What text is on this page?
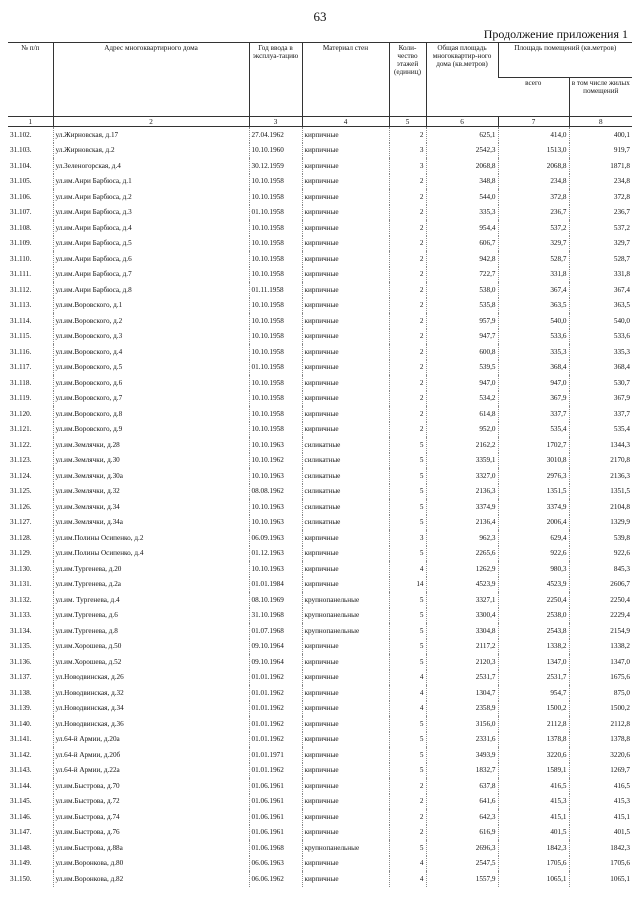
63
Продолжение приложения 1
№ п/п	Адрес многоквартирного дома	Год ввода в эксплуа-тацию	Материал стен	Коли-чество этажей (единиц)	Общая площадь многоквартир-ного дома (кв.метров)	Площадь помещений (кв.метров)	
						всего	в том числе жилых помещений
1	2	3	4	5	6	7	8
31.102.	ул.Жирновская, д.17	27.04.1962	кирпичные	2	625,1	414,0	400,1
31.103.	ул.Жирновская, д.2	10.10.1960	кирпичные	3	2542,3	1513,0	919,7
31.104.	ул.Зеленогорская, д.4	30.12.1959	кирпичные	3	2068,8	2068,8	1871,8
31.105.	ул.им.Анри Барбюса, д.1	10.10.1958	кирпичные	2	348,8	234,8	234,8
31.106.	ул.им.Анри Барбюса, д.2	10.10.1958	кирпичные	2	544,0	372,8	372,8
31.107.	ул.им.Анри Барбюса, д.3	01.10.1958	кирпичные	2	335,3	236,7	236,7
31.108.	ул.им.Анри Барбюса, д.4	10.10.1958	кирпичные	2	954,4	537,2	537,2
31.109.	ул.им.Анри Барбюса, д.5	10.10.1958	кирпичные	2	606,7	329,7	329,7
31.110.	ул.им.Анри Барбюса, д.6	10.10.1958	кирпичные	2	942,8	528,7	528,7
31.111.	ул.им.Анри Барбюса, д.7	10.10.1958	кирпичные	2	722,7	331,8	331,8
31.112.	ул.им.Анри Барбюса, д.8	01.11.1958	кирпичные	2	538,0	367,4	367,4
31.113.	ул.им.Воровского, д.1	10.10.1958	кирпичные	2	535,8	363,5	363,5
31.114.	ул.им.Воровского, д.2	10.10.1958	кирпичные	2	957,9	540,0	540,0
31.115.	ул.им.Воровского, д.3	10.10.1958	кирпичные	2	947,7	533,6	533,6
31.116.	ул.им.Воровского, д.4	10.10.1958	кирпичные	2	600,8	335,3	335,3
31.117.	ул.им.Воровского, д.5	01.10.1958	кирпичные	2	539,5	368,4	368,4
31.118.	ул.им.Воровского, д.6	10.10.1958	кирпичные	2	947,0	947,0	530,7
31.119.	ул.им.Воровского, д.7	10.10.1958	кирпичные	2	534,2	367,9	367,9
31.120.	ул.им.Воровского, д.8	10.10.1958	кирпичные	2	614,8	337,7	337,7
31.121.	ул.им.Воровского, д.9	10.10.1958	кирпичные	2	952,0	535,4	535,4
31.122.	ул.им.Землячки, д.28	10.10.1963	силикатные	5	2162,2	1702,7	1344,3
31.123.	ул.им.Землячки, д.30	10.10.1962	силикатные	5	3359,1	3010,8	2170,8
31.124.	ул.им.Землячки, д.30а	10.10.1963	силикатные	5	3327,0	2976,3	2136,3
31.125.	ул.им.Землячки, д.32	08.08.1962	силикатные	5	2136,3	1351,5	1351,5
31.126.	ул.им.Землячки, д.34	10.10.1963	силикатные	5	3374,9	3374,9	2104,8
31.127.	ул.им.Землячки, д.34а	10.10.1963	силикатные	5	2136,4	2006,4	1329,9
31.128.	ул.им.Полины Осипенко, д.2	06.09.1963	кирпичные	3	962,3	629,4	539,8
31.129.	ул.им.Полины Осипенко, д.4	01.12.1963	кирпичные	5	2265,6	922,6	922,6
31.130.	ул.им.Тургенева, д.20	10.10.1963	кирпичные	4	1262,9	980,3	845,3
31.131.	ул.им.Тургенева, д.2а	01.01.1984	кирпичные	14	4523,9	4523,9	2606,7
31.132.	ул.им. Тургенева, д.4	08.10.1969	крупнопанельные	5	3327,1	2250,4	2250,4
31.133.	ул.им.Тургенева, д.6	31.10.1968	крупнопанельные	5	3300,4	2538,0	2229,4
31.134.	ул.им.Тургенева, д.8	01.07.1968	крупнопанельные	5	3304,8	2543,8	2154,9
31.135.	ул.им.Хорошева, д.50	09.10.1964	кирпичные	5	2117,2	1338,2	1338,2
31.136.	ул.им.Хорошева, д.52	09.10.1964	кирпичные	5	2120,3	1347,0	1347,0
31.137.	ул.Новодвинская, д.26	01.01.1962	кирпичные	4	2531,7	2531,7	1675,6
31.138.	ул.Новодвинская, д.32	01.01.1962	кирпичные	4	1304,7	954,7	875,0
31.139.	ул.Новодвинская, д.34	01.01.1962	кирпичные	4	2358,9	1500,2	1500,2
31.140.	ул.Новодвинская, д.36	01.01.1962	кирпичные	5	3156,0	2112,8	2112,8
31.141.	ул.64-й Армии, д.20а	01.01.1962	кирпичные	5	2331,6	1378,8	1378,8
31.142.	ул.64-й Армии, д.20б	01.01.1971	кирпичные	5	3493,9	3220,6	3220,6
31.143.	ул.64-й Армии, д.22а	01.01.1962	кирпичные	5	1832,7	1589,1	1269,7
31.144.	ул.им.Быстрова, д.70	01.06.1961	кирпичные	2	637,8	416,5	416,5
31.145.	ул.им.Быстрова, д.72	01.06.1961	кирпичные	2	641,6	415,3	415,3
31.146.	ул.им.Быстрова, д.74	01.06.1961	кирпичные	2	642,3	415,1	415,1
31.147.	ул.им.Быстрова, д.76	01.06.1961	кирпичные	2	616,9	401,5	401,5
31.148.	ул.им.Быстрова, д.88а	01.06.1968	крупнопанельные	5	2696,3	1842,3	1842,3
31.149.	ул.им.Воронкова, д.80	06.06.1963	кирпичные	4	2547,5	1705,6	1705,6
31.150.	ул.им.Воронкова, д.82	06.06.1962	кирпичные	4	1557,9	1065,1	1065,1
